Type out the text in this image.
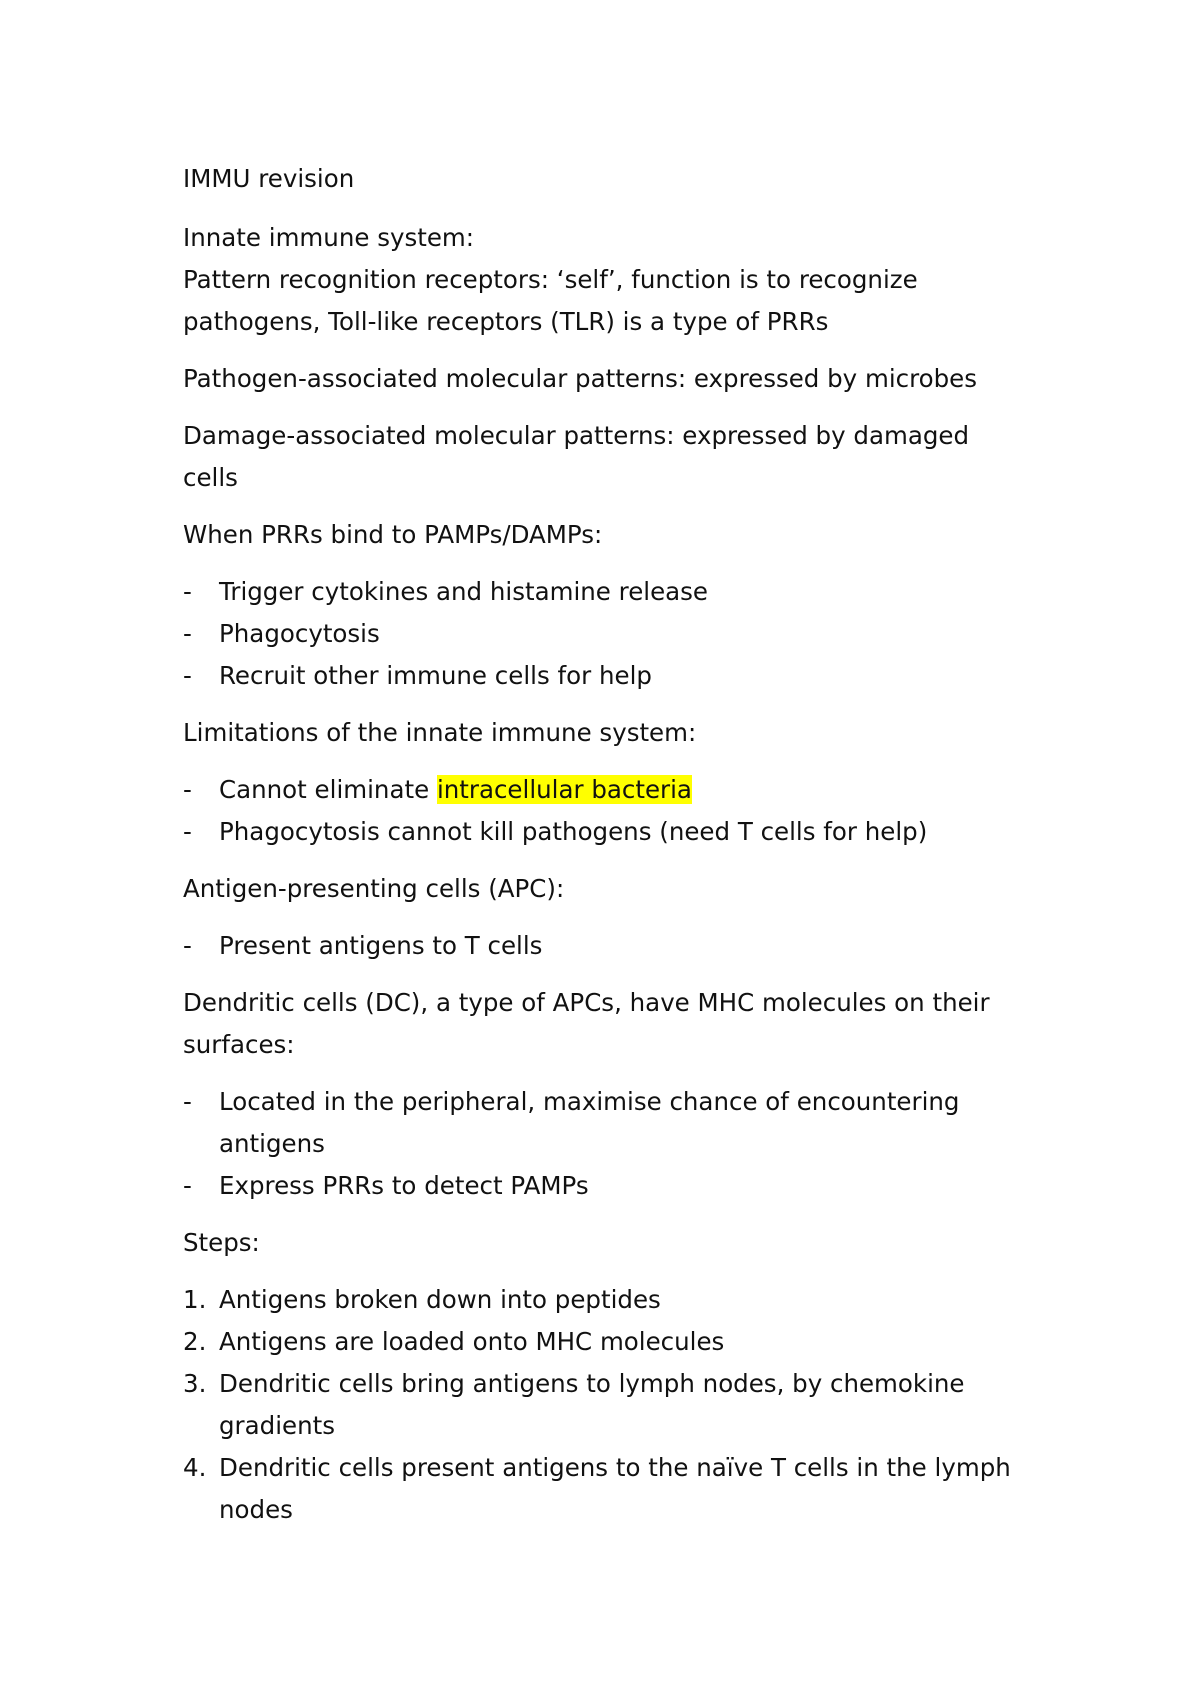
IMMU revision

Innate immune system:

Pattern recognition receptors: ‘self’, function is to recognize pathogens, Toll-like receptors (TLR) is a type of PRRs

Pathogen-associated molecular patterns: expressed by microbes

Damage-associated molecular patterns: expressed by damaged cells

When PRRs bind to PAMPs/DAMPs:

- Trigger cytokines and histamine release
- Phagocytosis
- Recruit other immune cells for help

Limitations of the innate immune system:

- Cannot eliminate intracellular bacteria
- Phagocytosis cannot kill pathogens (need T cells for help)

Antigen-presenting cells (APC):

- Present antigens to T cells

Dendritic cells (DC), a type of APCs, have MHC molecules on their surfaces:

- Located in the peripheral, maximise chance of encountering antigens
- Express PRRs to detect PAMPs

Steps:

1. Antigens broken down into peptides
2. Antigens are loaded onto MHC molecules
3. Dendritic cells bring antigens to lymph nodes, by chemokine gradients
4. Dendritic cells present antigens to the naïve T cells in the lymph nodes
